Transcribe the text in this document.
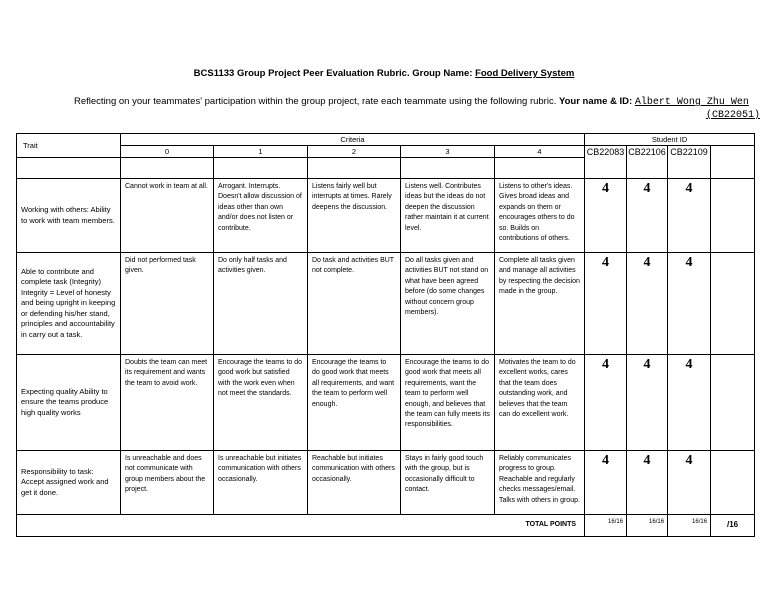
BCS1133 Group Project Peer Evaluation Rubric. Group Name: Food Delivery System
Reflecting on your teammates' participation within the group project, rate each teammate using the following rubric. Your name & ID: Albert Wong Zhu Wen
(CB22051)
Trait	Criteria					Student ID			
	0	1	2	3	4	CB22083	CB22106	CB22109	

Working with others: Ability to work with team members.	Cannot work in team at all.	Arrogant. Interrupts. Doesn't allow discussion of ideas other than own and/or does not listen or contribute.	Listens fairly well but interrupts at times. Rarely deepens the discussion.	Listens well. Contributes ideas but the ideas do not deepen the discussion rather maintain it at current level.	Listens to other's ideas. Gives broad ideas and expands on them or encourages others to do so. Builds on contributions of others.	4	4	4	
Able to contribute and complete task (Integrity) Integrity = Level of honesty and being upright in keeping or defending his/her stand, principles and accountability in carry out a task.	Did not performed task given.	Do only half tasks and activities given.	Do task and activities BUT not complete.	Do all tasks given and activities BUT not stand on what have been agreed before (do some changes without concern group members).	Complete all tasks given and manage all activities by respecting the decision made in the group.	4	4	4	
Expecting quality Ability to ensure the teams produce high quality works	Doubts the team can meet its requirement and wants the team to avoid work.	Encourage the teams to do good work but satisfied with the work even when not meet the standards.	Encourage the teams to do good work that meets all requirements, and want the team to perform well enough.	Encourage the teams to do good work that meets all requirements, want the team to perform well enough, and believes that the team can fully meets its responsibilities.	Motivates the team to do excellent works, cares that the team does outstanding work, and believes that the team can do excellent work.	4	4	4	
Responsibility to task: Accept assigned work and get it done.	Is unreachable and does not communicate with group members about the project.	Is unreachable but initiates communication with others occasionally.	Reachable but initiates communication with others occasionally.	Stays in fairly good touch with the group, but is occasionally difficult to contact.	Reliably communicates progress to group. Reachable and regularly checks messages/email. Talks with others in group.	4	4	4	
TOTAL POINTS						16/16	16/16	16/16	/16
